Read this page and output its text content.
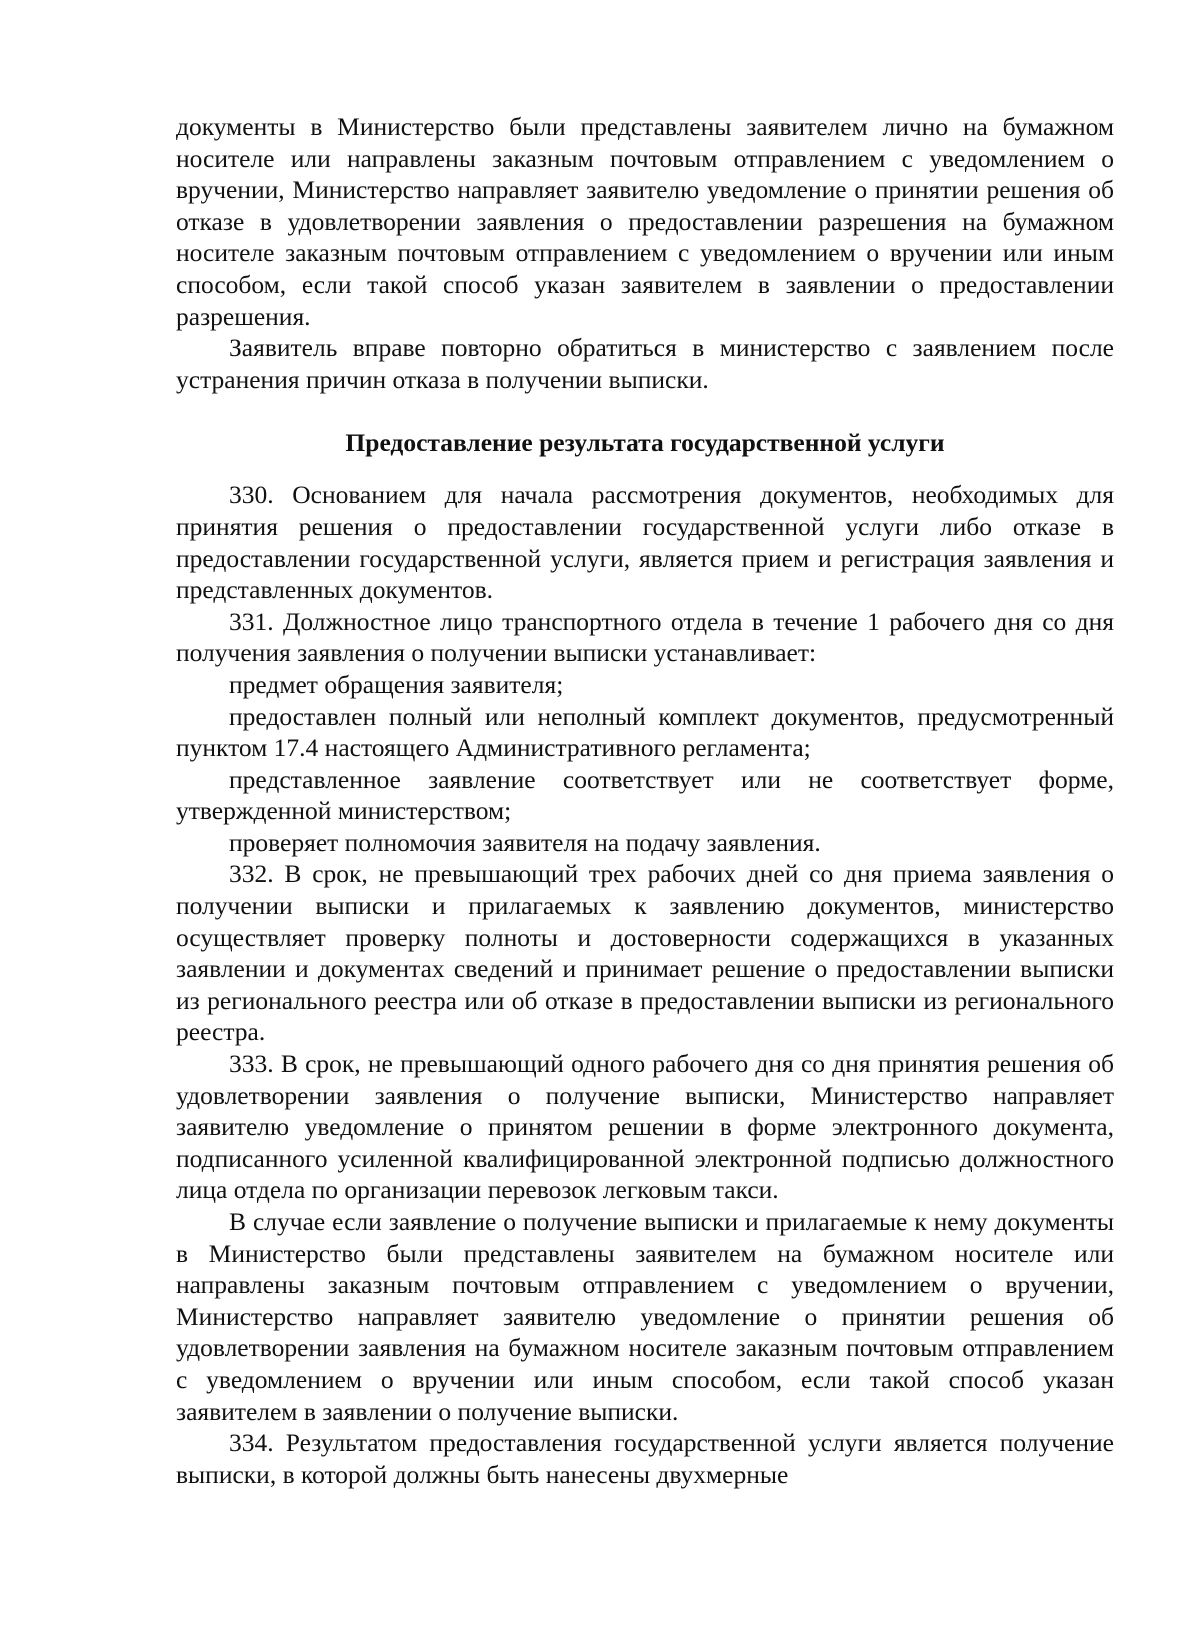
документы в Министерство были представлены заявителем лично на бумажном носителе или направлены заказным почтовым отправлением с уведомлением о вручении, Министерство направляет заявителю уведомление о принятии решения об отказе в удовлетворении заявления о предоставлении разрешения на бумажном носителе заказным почтовым отправлением с уведомлением о вручении или иным способом, если такой способ указан заявителем в заявлении о предоставлении разрешения.

Заявитель вправе повторно обратиться в министерство с заявлением после устранения причин отказа в получении выписки.

Предоставление результата государственной услуги

330. Основанием для начала рассмотрения документов, необходимых для принятия решения о предоставлении государственной услуги либо отказе в предоставлении государственной услуги, является прием и регистрация заявления и представленных документов.

331. Должностное лицо транспортного отдела в течение 1 рабочего дня со дня получения заявления о получении выписки устанавливает:

предмет обращения заявителя;

предоставлен полный или неполный комплект документов, предусмотренный пунктом 17.4 настоящего Административного регламента;

представленное заявление соответствует или не соответствует форме, утвержденной министерством;

проверяет полномочия заявителя на подачу заявления.

332. В срок, не превышающий трех рабочих дней со дня приема заявления о получении выписки и прилагаемых к заявлению документов, министерство осуществляет проверку полноты и достоверности содержащихся в указанных заявлении и документах сведений и принимает решение о предоставлении выписки из регионального реестра или об отказе в предоставлении выписки из регионального реестра.

333. В срок, не превышающий одного рабочего дня со дня принятия решения об удовлетворении заявления о получение выписки, Министерство направляет заявителю уведомление о принятом решении в форме электронного документа, подписанного усиленной квалифицированной электронной подписью должностного лица отдела по организации перевозок легковым такси.

В случае если заявление о получение выписки и прилагаемые к нему документы в Министерство были представлены заявителем на бумажном носителе или направлены заказным почтовым отправлением с уведомлением о вручении, Министерство направляет заявителю уведомление о принятии решения об удовлетворении заявления на бумажном носителе заказным почтовым отправлением с уведомлением о вручении или иным способом, если такой способ указан заявителем в заявлении о получение выписки.

334. Результатом предоставления государственной услуги является получение выписки, в которой должны быть нанесены двухмерные
